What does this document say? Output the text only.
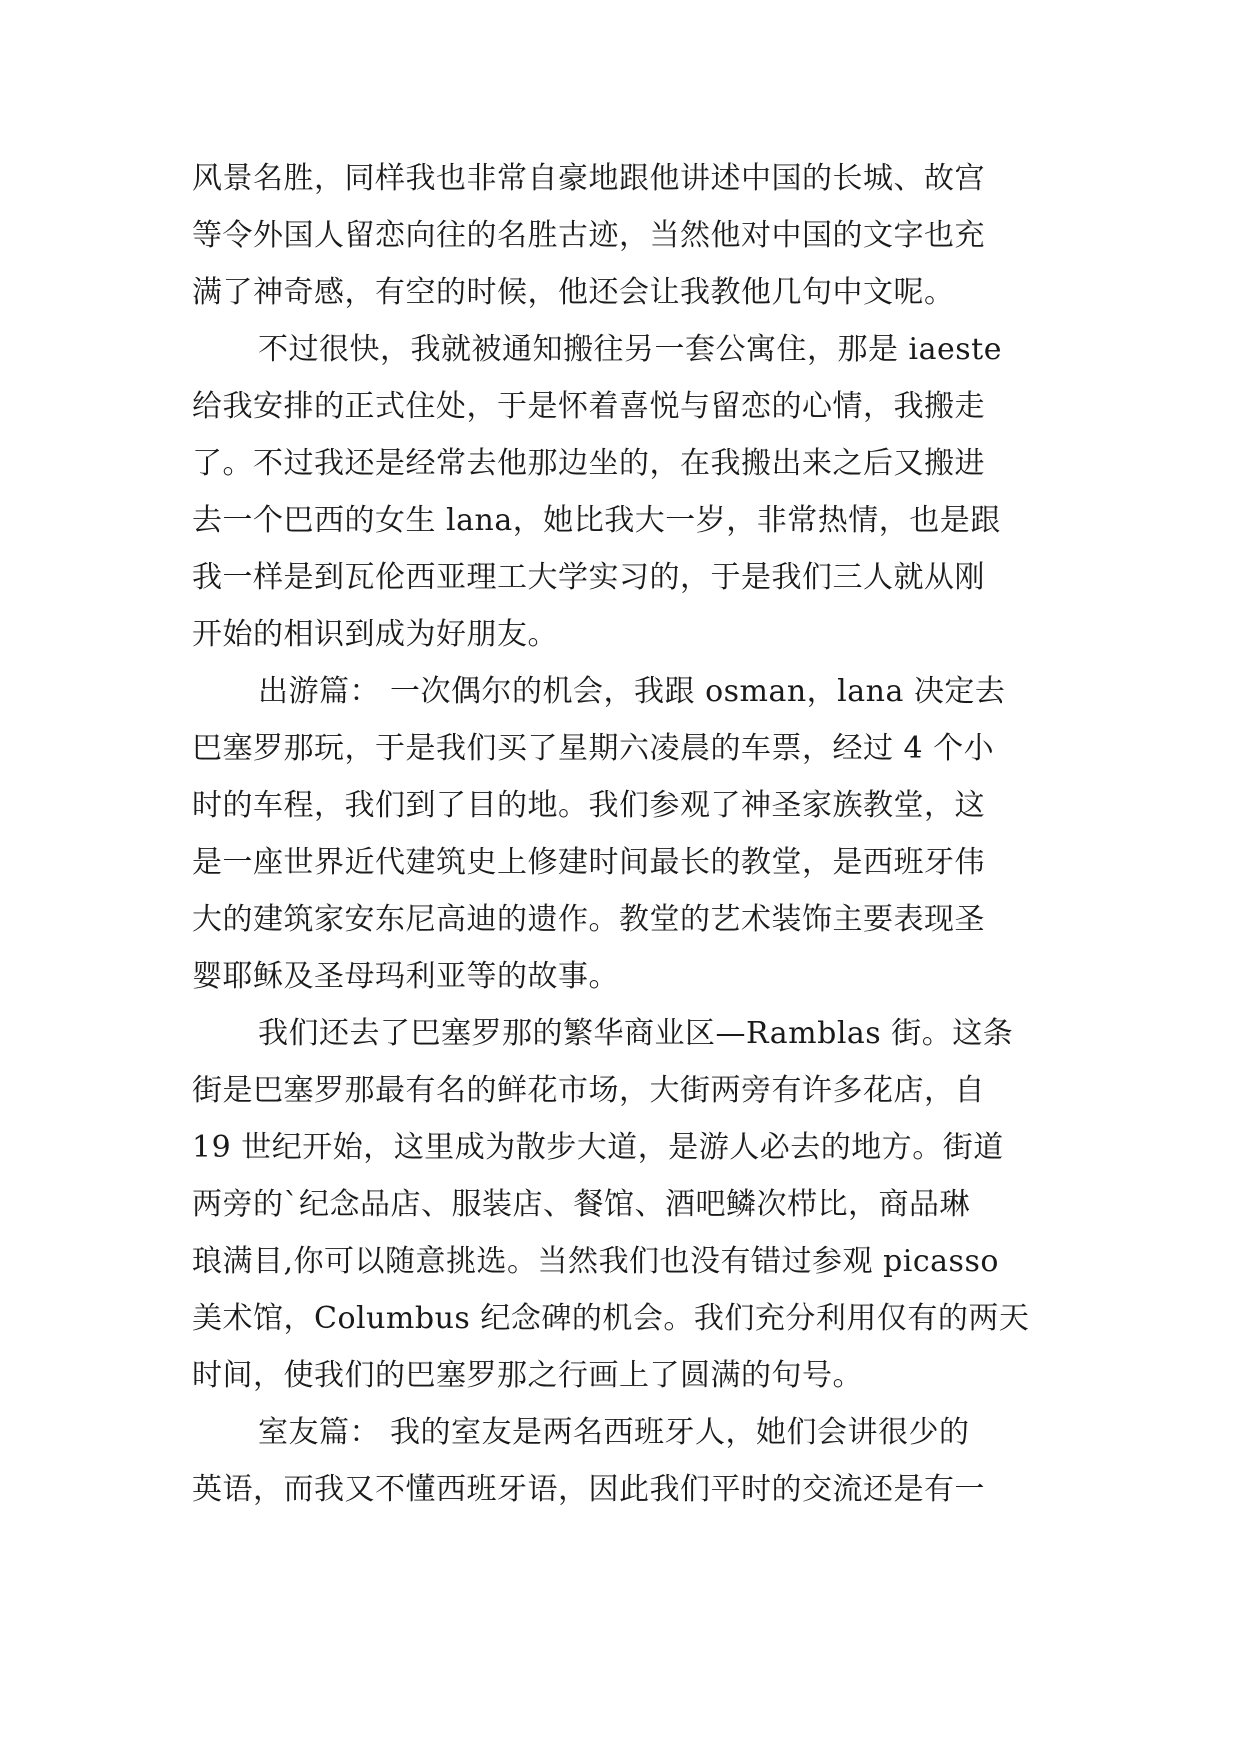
风景名胜，同样我也非常自豪地跟他讲述中国的长城、故宫
等令外国人留恋向往的名胜古迹，当然他对中国的文字也充
满了神奇感，有空的时候，他还会让我教他几句中文呢。
不过很快，我就被通知搬往另一套公寓住，那是 iaeste
给我安排的正式住处，于是怀着喜悦与留恋的心情，我搬走
了。不过我还是经常去他那边坐的，在我搬出来之后又搬进
去一个巴西的女生 lana，她比我大一岁，非常热情，也是跟
我一样是到瓦伦西亚理工大学实习的，于是我们三人就从刚
开始的相识到成为好朋友。
出游篇： 一次偶尔的机会，我跟 osman，lana 决定去
巴塞罗那玩，于是我们买了星期六凌晨的车票，经过 4 个小
时的车程，我们到了目的地。我们参观了神圣家族教堂，这
是一座世界近代建筑史上修建时间最长的教堂，是西班牙伟
大的建筑家安东尼高迪的遗作。教堂的艺术装饰主要表现圣
婴耶稣及圣母玛利亚等的故事。
我们还去了巴塞罗那的繁华商业区—Ramblas 街。这条
街是巴塞罗那最有名的鲜花市场，大街两旁有许多花店，自
19 世纪开始，这里成为散步大道，是游人必去的地方。街道
两旁的`纪念品店、服装店、餐馆、酒吧鳞次栉比，商品琳
琅满目,你可以随意挑选。当然我们也没有错过参观 picasso
美术馆，Columbus 纪念碑的机会。我们充分利用仅有的两天
时间，使我们的巴塞罗那之行画上了圆满的句号。
室友篇： 我的室友是两名西班牙人，她们会讲很少的
英语，而我又不懂西班牙语，因此我们平时的交流还是有一
